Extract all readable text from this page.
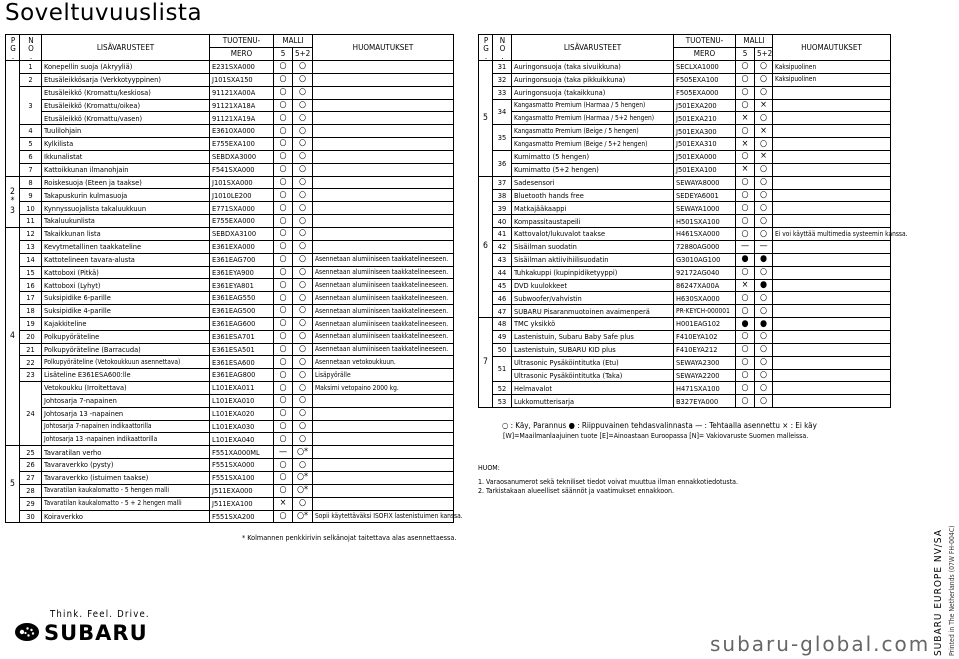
Soveltuvuuslista
PG.	NO.	LISÄVARUSTEET	TUOTENU-	MALLI		HUOMAUTUKSET
			MERO	5	5+2	
	1	Konepellin suoja (Akryyliä)	E231SXA000	○	○	
	2	Etusäleikkösarja (Verkkotyyppinen)	J101SXA150	○	○	
	3	Etusäleikkö (Kromattu/keskiosa)	91121XA00A	○	○	
		Etusäleikkö (Kromattu/oikea)	91121XA18A	○	○	
		Etusäleikkö (Kromattu/vasen)	91121XA19A	○	○	
	4	Tuulilohjain	E3610XA000	○	○	
	5	Kylkilista	E755EXA100	○	○	
	6	Ikkunalistat	SEBDXA3000	○	○	
	7	Kattoikkunan ilmanohjain	F541SXA000	○	○	
2
*
3	8	Roiskesuoja (Eteen ja taakse)	J101SXA000	○	○	
	9	Takapuskurin kulmasuoja	J1010LE200	○	○	
	10	Kynnyssuojalista takaluukkuun	E771SXA000	○	○	
	11	Takaluukunlista	E755EXA000	○	○	
4	12	Takaikkunan lista	SEBDXA3100	○	○	
	13	Kevytmetallinen taakkateline	E361EXA000	○	○	
	14	Kattotelineen tavara-alusta	E361EAG700	○	○	Asennetaan alumiiniseen taakkatelineeseen.
	15	Kattoboxi (Pitkä)	E361EYA900	○	○	Asennetaan alumiiniseen taakkatelineeseen.
	16	Kattoboxi (Lyhyt)	E361EYA801	○	○	Asennetaan alumiiniseen taakkatelineeseen.
	17	Suksipidike 6-parille	E361EAG550	○	○	Asennetaan alumiiniseen taakkatelineeseen.
	18	Suksipidike 4-parille	E361EAG500	○	○	Asennetaan alumiiniseen taakkatelineeseen.
	19	Kajakkiteline	E361EAG600	○	○	Asennetaan alumiiniseen taakkatelineeseen.
	20	Polkupyöräteline	E361ESA701	○	○	Asennetaan alumiiniseen taakkatelineeseen.
	21	Polkupyöräteline (Barracuda)	E361ESA501	○	○	Asennetaan alumiiniseen taakkatelineeseen.
	22	Polkupyöräteline (Vetokoukkuun asennettava)	E361ESA600	○	○	Asennetaan vetokoukkuun.
	23	Lisäteline E361ESA600:lle	E361EAG800	○	○	Lisäpyörälle
	24	Vetokoukku (Irroitettava)	L101EXA011	○	○	Maksimi vetopaino 2000 kg.
		Johtosarja 7-napainen	L101EXA010	○	○	
		Johtosarja 13 -napainen	L101EXA020	○	○	
		Johtosarja 7-napainen indikaattorilla	L101EXA030	○	○	
		Johtosarja 13 -napainen indikaattorilla	L101EXA040	○	○	
5	25	Tavaratilan verho	F551XA000ML	—	○*	
	26	Tavaraverkko (pysty)	F551SXA000	○	○	
	27	Tavaraverkko (istuimen taakse)	F551SXA100	○	○*	
	28	Tavaratilan kaukalomatto - 5 hengen malli	J511EXA000	○	○*	
	29	Tavaratilan kaukalomatto - 5 + 2 hengen malli	J511EXA100	×	○	
	30	Koiraverkko	F551SXA200	○	○*	Sopii käytettäväksi ISOFIX lastenistuimen kanssa.
PG.	NO.	LISÄVARUSTEET	TUOTENU-	MALLI		HUOMAUTUKSET
			MERO	5	5+2	
5	31	Auringonsuoja (taka sivuikkuna)	SECLXA1000	○	○	Kaksipuolinen
	32	Auringonsuoja (taka pikkuikkuna)	F505EXA100	○	○	Kaksipuolinen
	33	Auringonsuoja (takaikkuna)	F505EXA000	○	○	
	34	Kangasmatto Premium (Harmaa / 5 hengen)	J501EXA200	○	×	
		Kangasmatto Premium (Harmaa / 5+2 hengen)	J501EXA210	×	○	
	35	Kangasmatto Premium (Beige / 5 hengen)	J501EXA300	○	×	
		Kangasmatto Premium (Beige / 5+2 hengen)	J501EXA310	×	○	
	36	Kumimatto (5 hengen)	J501EXA000	○	×	
		Kumimatto (5+2 hengen)	J501EXA100	×	○	
6	37	Sadesensori	SEWAYA8000	○	○	
	38	Bluetooth hands free	SEDEYA6001	○	○	
	39	Matkajääkaappi	SEWAYA1000	○	○	
	40	Kompassitaustapeili	H501SXA100	○	○	
	41	Kattovalot/lukuvalot taakse	H461SXA000	○	○	Ei voi käyttää multimedia systeemin kanssa.
	42	Sisäilman suodatin	72880AG000	—	—	
	43	Sisäilman aktiivihiilisuodatin	G3010AG100	●	●	
	44	Tuhkakuppi (kupinpidiketyyppi)	92172AG040	○	○	
	45	DVD kuulokkeet	86247XA00A	×	●	
	46	Subwoofer/vahvistin	H630SXA000	○	○	
	47	SUBARU Pisaranmuotoinen avaimenperä	PR-KEYCH-000001	○	○	
7	48	TMC yksikkö	H001EAG102	●	●	
	49	Lastenistuin, Subaru Baby Safe plus	F410EYA102	○	○	
	50	Lastenistuin, SUBARU KID plus	F410EYA212	○	○	
	51	Ultrasonic Pysäköintitutka (Etu)	SEWAYA2300	○	○	
		Ultrasonic Pysäköintitutka (Taka)	SEWAYA2200	○	○	
	52	Helmavalot	H471SXA100	○	○	
	53	Lukkomutterisarja	B327EYA000	○	○	
* Kolmannen penkkirivin selkänojat taitettava alas asennettaessa.
○ : Käy, Parannus ● : Riippuvainen tehdasvalinnasta — : Tehtaalla asennettu × : Ei käy
[W]=Maailmanlaajuinen tuote [E]=Ainoastaan Euroopassa [N]= Vakiovaruste Suomen malleissa.
HUOM:
1. Varaosanumerot sekä tekniliset tiedot voivat muuttua ilman ennakkotiedotusta.
2. Tarkistakaan alueelliset säännöt ja vaatimukset ennakkoon.
Think. Feel. Drive.
SUBARU	subaru-global.com SUBARU EUROPE NV/SA Printed in The Netherlands (07W FH-004C)
